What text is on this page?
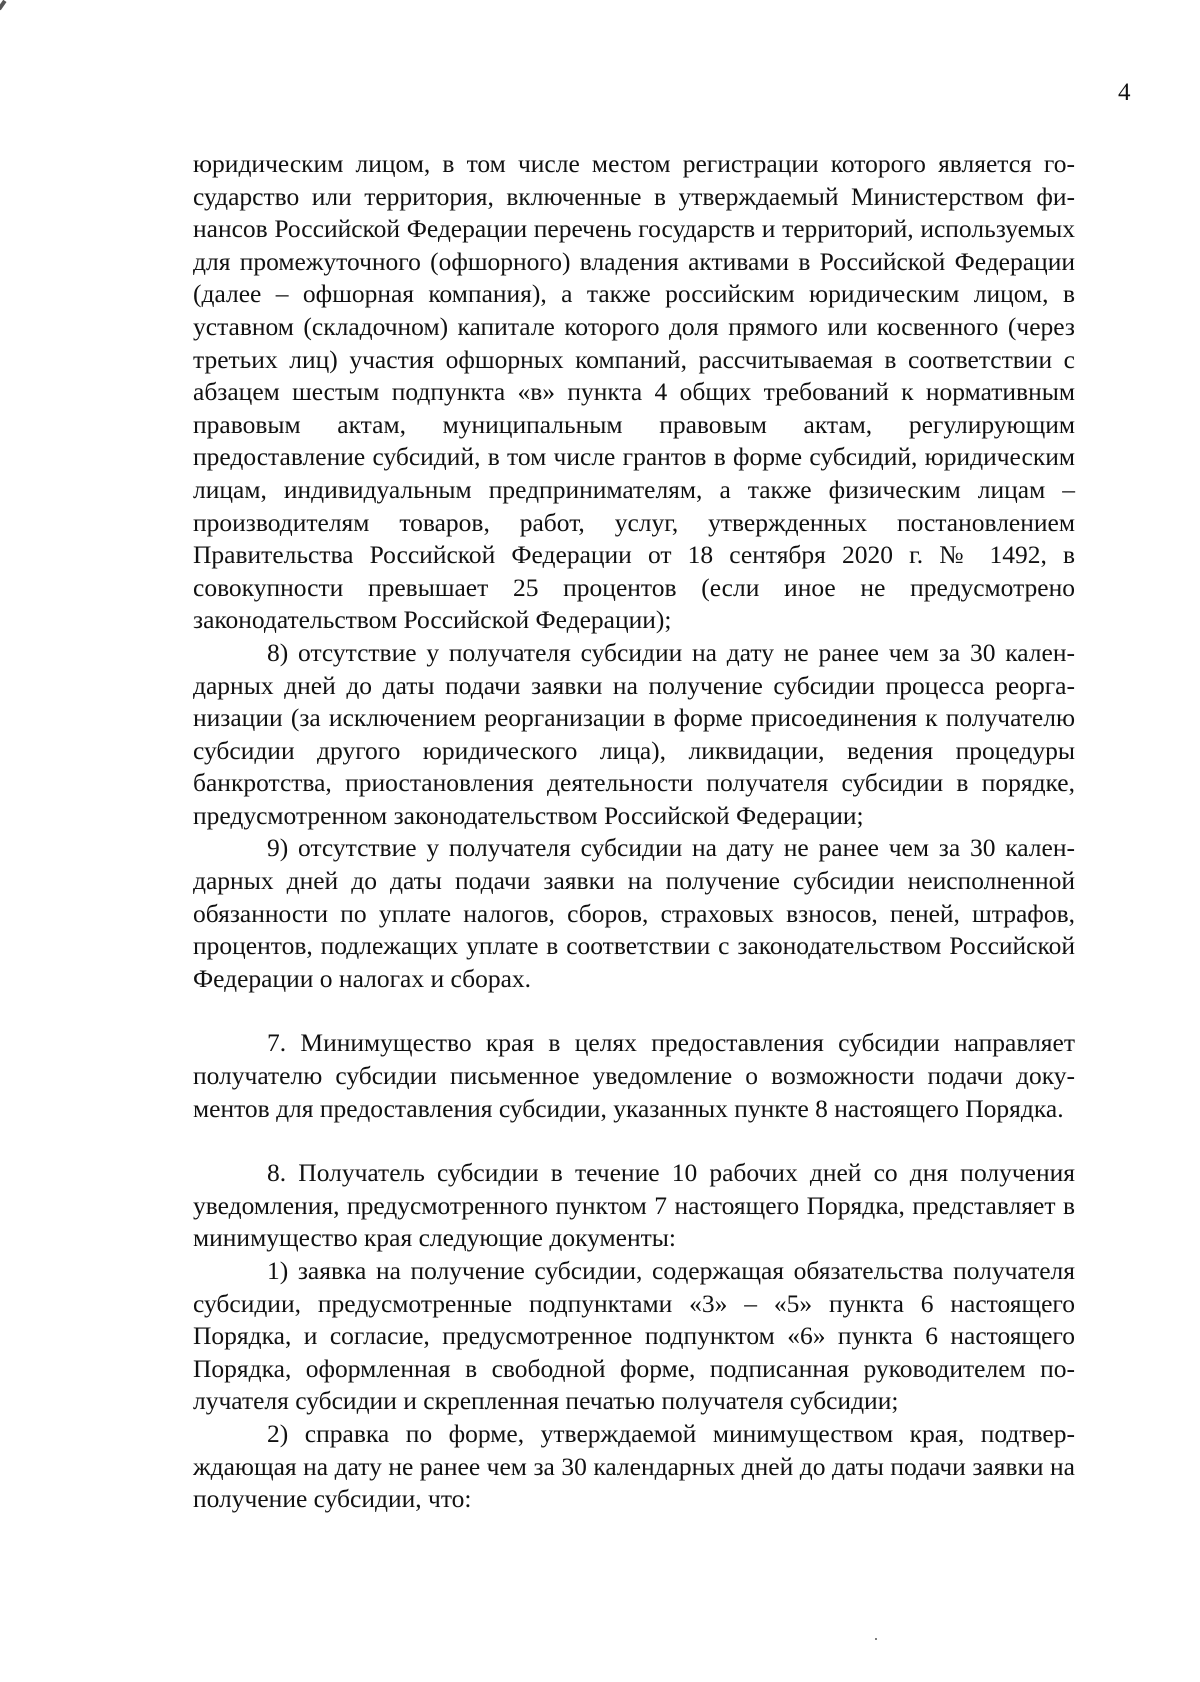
4

юридическим лицом, в том числе местом регистрации которого является государство или территория, включенные в утверждаемый Министерством финансов Российской Федерации перечень государств и территорий, используемых для промежуточного (офшорного) владения активами в Российской Федерации (далее – офшорная компания), а также российским юридическим лицом, в уставном (складочном) капитале которого доля прямого или косвенного (через третьих лиц) участия офшорных компаний, рассчитываемая в соответствии с абзацем шестым подпункта «в» пункта 4 общих требований к нормативным правовым актам, муниципальным правовым актам, регулирующим предоставление субсидий, в том числе грантов в форме субсидий, юридическим лицам, индивидуальным предпринимателям, а также физическим лицам – производителям товаров, работ, услуг, утвержденных постановлением Правительства Российской Федерации от 18 сентября 2020 г. № 1492, в совокупности превышает 25 процентов (если иное не предусмотрено законодательством Российской Федерации);

8) отсутствие у получателя субсидии на дату не ранее чем за 30 календарных дней до даты подачи заявки на получение субсидии процесса реорганизации (за исключением реорганизации в форме присоединения к получателю субсидии другого юридического лица), ликвидации, ведения процедуры банкротства, приостановления деятельности получателя субсидии в порядке, предусмотренном законодательством Российской Федерации;

9) отсутствие у получателя субсидии на дату не ранее чем за 30 календарных дней до даты подачи заявки на получение субсидии неисполненной обязанности по уплате налогов, сборов, страховых взносов, пеней, штрафов, процентов, подлежащих уплате в соответствии с законодательством Российской Федерации о налогах и сборах.

7. Минимущество края в целях предоставления субсидии направляет получателю субсидии письменное уведомление о возможности подачи документов для предоставления субсидии, указанных пункте 8 настоящего Порядка.

8. Получатель субсидии в течение 10 рабочих дней со дня получения уведомления, предусмотренного пунктом 7 настоящего Порядка, представляет в минимущество края следующие документы:

1) заявка на получение субсидии, содержащая обязательства получателя субсидии, предусмотренные подпунктами «3» – «5» пункта 6 настоящего Порядка, и согласие, предусмотренное подпунктом «6» пункта 6 настоящего Порядка, оформленная в свободной форме, подписанная руководителем получателя субсидии и скрепленная печатью получателя субсидии;

2) справка по форме, утверждаемой минимуществом края, подтверждающая на дату не ранее чем за 30 календарных дней до даты подачи заявки на получение субсидии, что:
